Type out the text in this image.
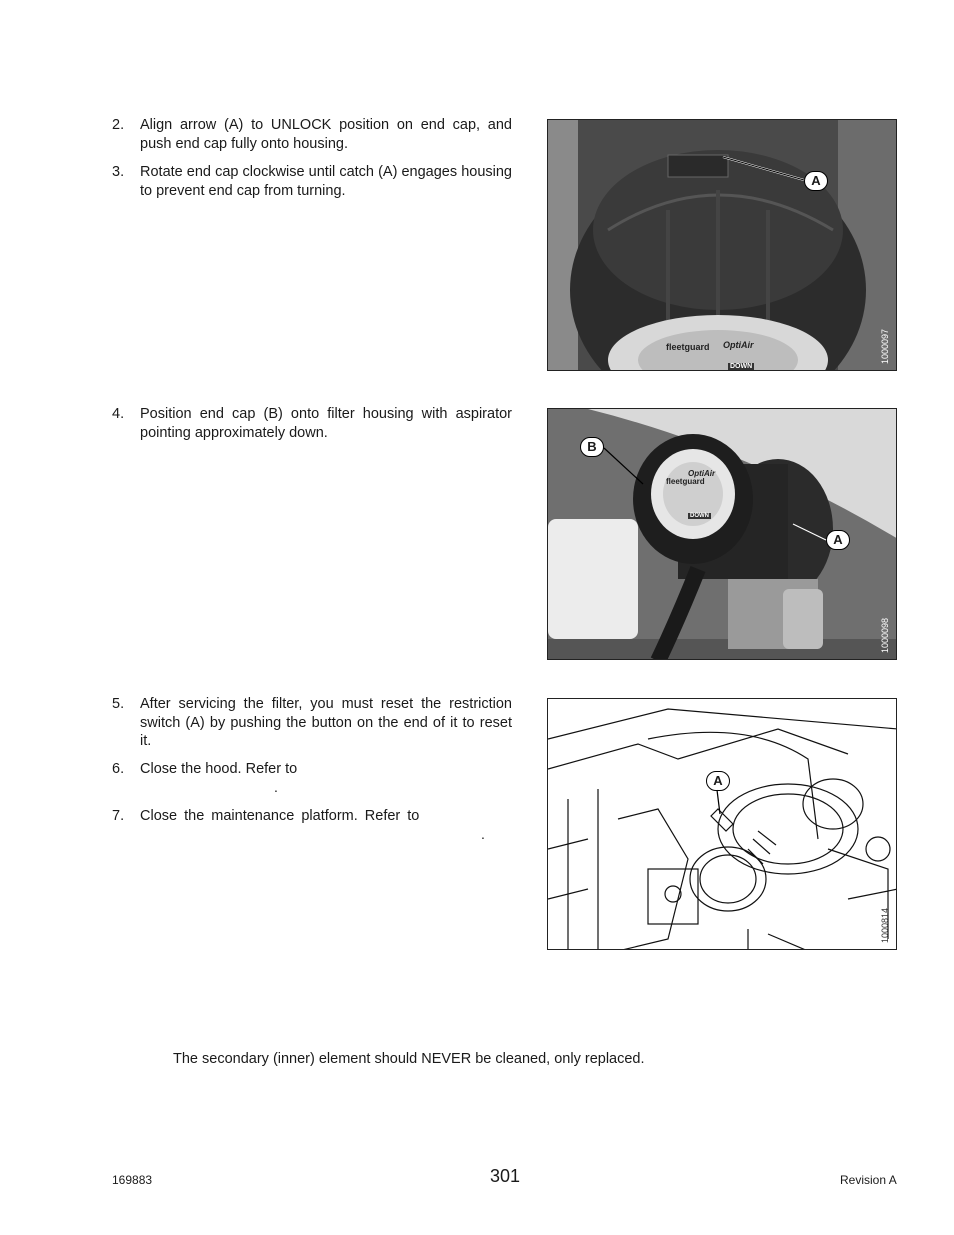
2.	Align arrow (A) to UNLOCK position on end cap, and push end cap fully onto housing.
3.	Rotate end cap clockwise until catch (A) engages housing to prevent end cap from turning.
4.	Position end cap (B) onto filter housing with aspirator pointing approximately down.
5.	After servicing the filter, you must reset the restriction switch (A) by pushing the button on the end of it to reset it.
6.	Close the hood. Refer to
.
7.	Close the maintenance platform. Refer to
.
A
fleetguard OptiAir
DOWN
1000097
B
A
fleetguard
OptiAir
DOWN
1000098
A
1000814
The secondary (inner) element should NEVER be cleaned, only replaced.
169883	301	Revision A
